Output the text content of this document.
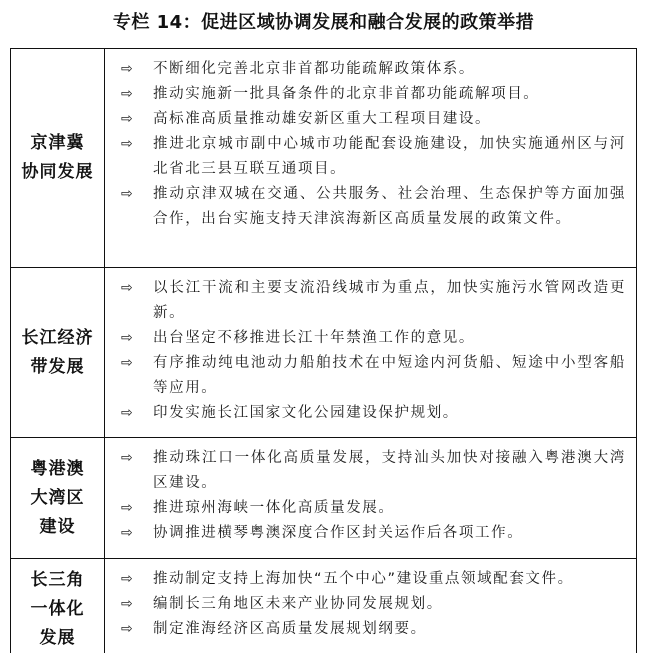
专栏 14：促进区域协调发展和融合发展的政策举措
京津冀
协同发展
⇨	不断细化完善北京非首都功能疏解政策体系。
⇨	推动实施新一批具备条件的北京非首都功能疏解项目。
⇨	高标准高质量推动雄安新区重大工程项目建设。
⇨	推进北京城市副中心城市功能配套设施建设，加快实施通州区与河北省北三县互联互通项目。
⇨	推动京津双城在交通、公共服务、社会治理、生态保护等方面加强合作，出台实施支持天津滨海新区高质量发展的政策文件。
长江经济
带发展
⇨	以长江干流和主要支流沿线城市为重点，加快实施污水管网改造更新。
⇨	出台坚定不移推进长江十年禁渔工作的意见。
⇨	有序推动纯电池动力船舶技术在中短途内河货船、短途中小型客船等应用。
⇨	印发实施长江国家文化公园建设保护规划。
粤港澳
大湾区
建设
⇨	推动珠江口一体化高质量发展，支持汕头加快对接融入粤港澳大湾区建设。
⇨	推进琼州海峡一体化高质量发展。
⇨	协调推进横琴粤澳深度合作区封关运作后各项工作。
长三角
一体化
发展
⇨	推动制定支持上海加快“五个中心”建设重点领域配套文件。
⇨	编制长三角地区未来产业协同发展规划。
⇨	制定淮海经济区高质量发展规划纲要。
